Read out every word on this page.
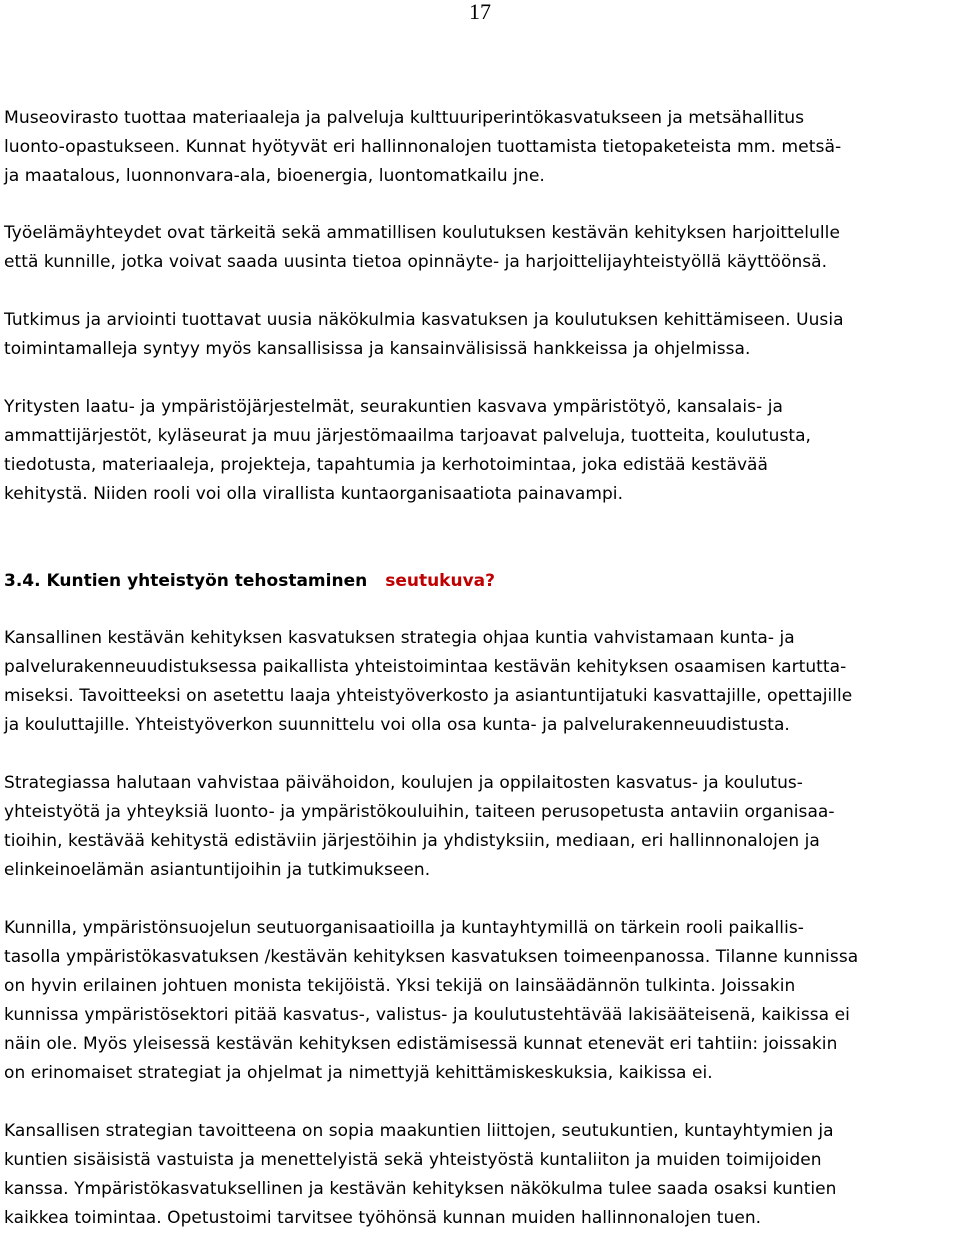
17

Museovirasto tuottaa materiaaleja ja palveluja kulttuuriperintökasvatukseen ja metsähallitus
luonto-opastukseen. Kunnat hyötyvät eri hallinnonalojen tuottamista tietopaketeista mm. metsä-
ja maatalous, luonnonvara-ala, bioenergia, luontomatkailu jne.

Työelämäyhteydet ovat tärkeitä sekä ammatillisen koulutuksen kestävän kehityksen harjoittelulle
että kunnille, jotka voivat saada uusinta tietoa opinnäyte- ja harjoittelijayhteistyöllä käyttöönsä.

Tutkimus ja arviointi tuottavat uusia näkökulmia kasvatuksen ja koulutuksen kehittämiseen. Uusia
toimintamalleja syntyy myös kansallisissa ja kansainvälisissä hankkeissa ja ohjelmissa.

Yritysten laatu- ja ympäristöjärjestelmät, seurakuntien kasvava ympäristötyö, kansalais- ja
ammattijärjestöt, kyläseurat ja muu järjestömaailma tarjoavat palveluja, tuotteita, koulutusta,
tiedotusta, materiaaleja, projekteja, tapahtumia ja kerhotoimintaa, joka edistää kestävää
kehitystä. Niiden rooli voi olla virallista kuntaorganisaatiota painavampi.

3.4. Kuntien yhteistyön tehostaminen seutukuva?

Kansallinen kestävän kehityksen kasvatuksen strategia ohjaa kuntia vahvistamaan kunta- ja
palvelurakenneuudistuksessa paikallista yhteistoimintaa kestävän kehityksen osaamisen kartutta-
miseksi. Tavoitteeksi on asetettu laaja yhteistyöverkosto ja asiantuntijatuki kasvattajille, opettajille
ja kouluttajille. Yhteistyöverkon suunnittelu voi olla osa kunta- ja palvelurakenneuudistusta.

Strategiassa halutaan vahvistaa päivähoidon, koulujen ja oppilaitosten kasvatus- ja koulutus-
yhteistyötä ja yhteyksiä luonto- ja ympäristökouluihin, taiteen perusopetusta antaviin organisaa-
tioihin, kestävää kehitystä edistäviin järjestöihin ja yhdistyksiin, mediaan, eri hallinnonalojen ja
elinkeinoelämän asiantuntijoihin ja tutkimukseen.

Kunnilla, ympäristönsuojelun seutuorganisaatioilla ja kuntayhtymillä on tärkein rooli paikallis-
tasolla ympäristökasvatuksen /kestävän kehityksen kasvatuksen toimeenpanossa. Tilanne kunnissa
on hyvin erilainen johtuen monista tekijöistä. Yksi tekijä on lainsäädännön tulkinta. Joissakin
kunnissa ympäristösektori pitää kasvatus-, valistus- ja koulutustehtävää lakisääteisenä, kaikissa ei
näin ole. Myös yleisessä kestävän kehityksen edistämisessä kunnat etenevät eri tahtiin: joissakin
on erinomaiset strategiat ja ohjelmat ja nimettyjä kehittämiskeskuksia, kaikissa ei.

Kansallisen strategian tavoitteena on sopia maakuntien liittojen, seutukuntien, kuntayhtymien ja
kuntien sisäisistä vastuista ja menettelyistä sekä yhteistyöstä kuntaliiton ja muiden toimijoiden
kanssa. Ympäristökasvatuksellinen ja kestävän kehityksen näkökulma tulee saada osaksi kuntien
kaikkea toimintaa. Opetustoimi tarvitsee työhönsä kunnan muiden hallinnonalojen tuen.
